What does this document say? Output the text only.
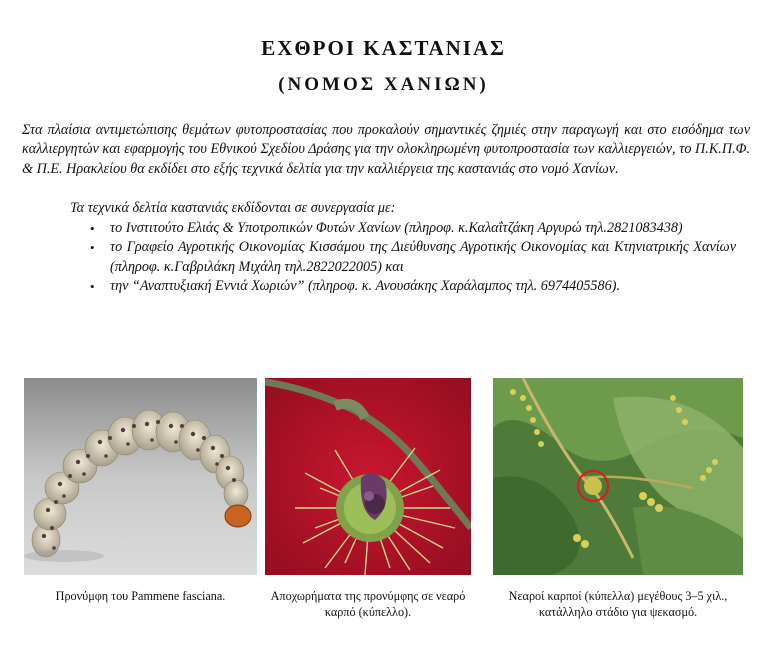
ΕΧΘΡΟΙ ΚΑΣΤΑΝΙΑΣ
(ΝΟΜΟΣ ΧΑΝΙΩΝ)

Στα πλαίσια αντιμετώπισης θεμάτων φυτοπροστασίας που προκαλούν σημαντικές ζημιές στην παραγωγή και στο εισόδημα των καλλιεργητών και εφαρμογής του Εθνικού Σχεδίου Δράσης για την ολοκληρωμένη φυτοπροστασία των καλλιεργειών, το Π.Κ.Π.Φ. & Π.Ε. Ηρακλείου θα εκδίδει στο εξής τεχνικά δελτία για την καλλιέργεια της καστανιάς στο νομό Χανίων.

Τα τεχνικά δελτία καστανιάς εκδίδονται σε συνεργασία με:

• το Ινστιτούτο Ελιάς & Υποτροπικών Φυτών Χανίων (πληροφ. κ.Καλαΐτζάκη Αργυρώ τηλ.2821083438)
• το Γραφείο Αγροτικής Οικονομίας Κισσάμου της Διεύθυνσης Αγροτικής Οικονομίας και Κτηνιατρικής Χανίων (πληροφ. κ.Γαβριλάκη Μιχάλη τηλ.2822022005) και
• την “Αναπτυξιακή Εννιά Χωριών” (πληροφ. κ. Ανουσάκης Χαράλαμπος τηλ. 6974405586).

Προνύμφη του Pammene fasciana.	Αποχωρήματα της προνύμφης σε νεαρό καρπό (κύπελλο).

Νεαροί καρποί (κύπελλα) μεγέθους 3–5 χιλ., κατάλληλο στάδιο για ψεκασμό.
